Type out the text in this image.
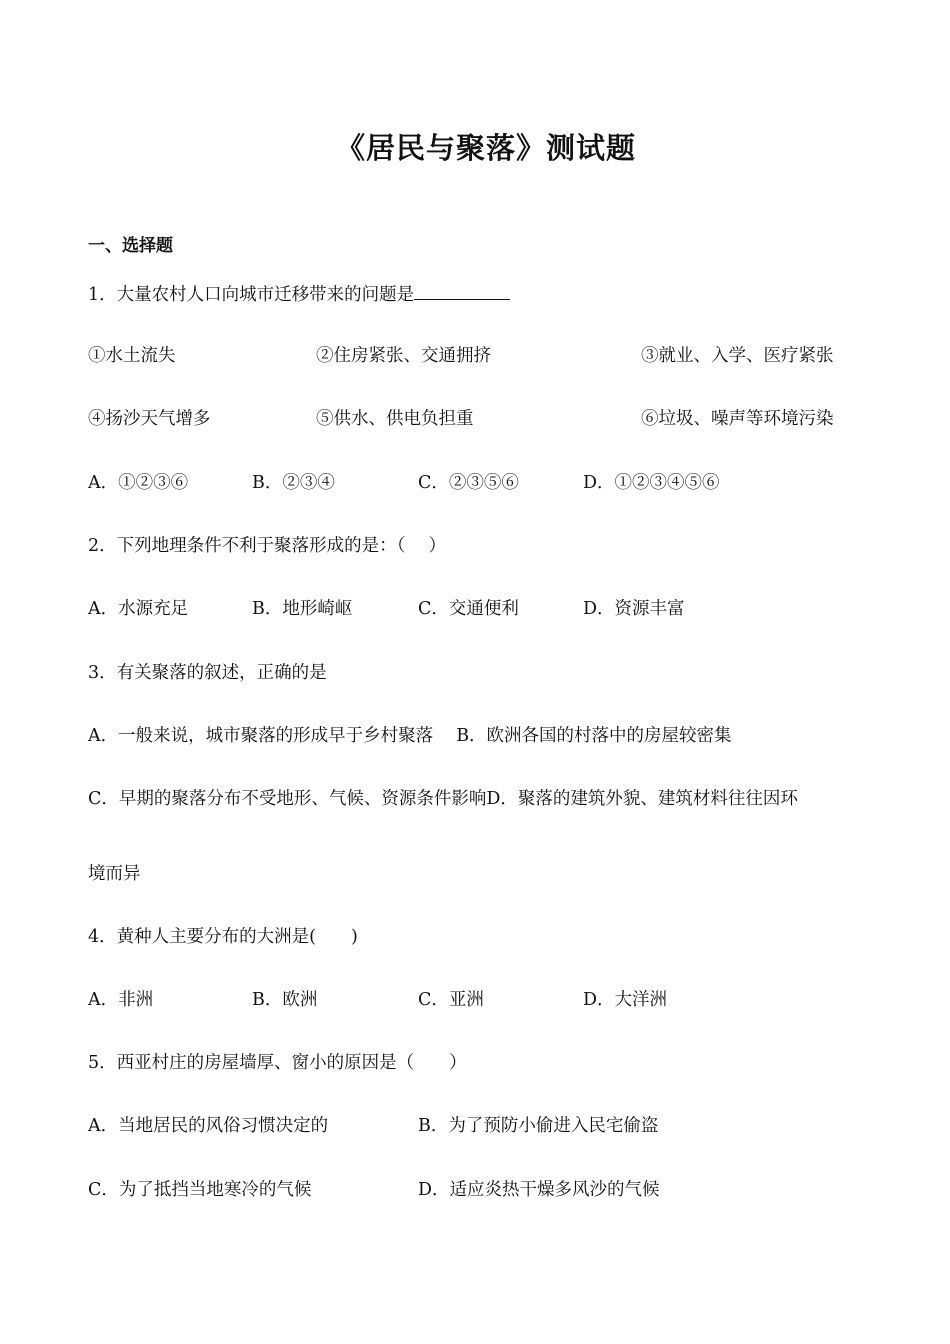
《居民与聚落》测试题
一、选择题
1．大量农村人口向城市迁移带来的问题是
①水土流失	②住房紧张、交通拥挤	③就业、入学、医疗紧张
④扬沙天气增多	⑤供水、供电负担重	⑥垃圾、噪声等环境污染
A．①②③⑥	B．②③④	C．②③⑤⑥	D．①②③④⑤⑥
2．下列地理条件不利于聚落形成的是：（　 ）
A．水源充足	B．地形崎岖	C．交通便利	D．资源丰富
3．有关聚落的叙述，正确的是
A．一般来说，城市聚落的形成早于乡村聚落　 B．欧洲各国的村落中的房屋较密集
C．早期的聚落分布不受地形、气候、资源条件影响D．聚落的建筑外貌、建筑材料往往因环
境而异
4．黄种人主要分布的大洲是(　　)
A．非洲	B．欧洲	C．亚洲	D．大洋洲
5．西亚村庄的房屋墙厚、窗小的原因是（　　）
A．当地居民的风俗习惯决定的	B．为了预防小偷进入民宅偷盗
C．为了抵挡当地寒冷的气候	D．适应炎热干燥多风沙的气候
